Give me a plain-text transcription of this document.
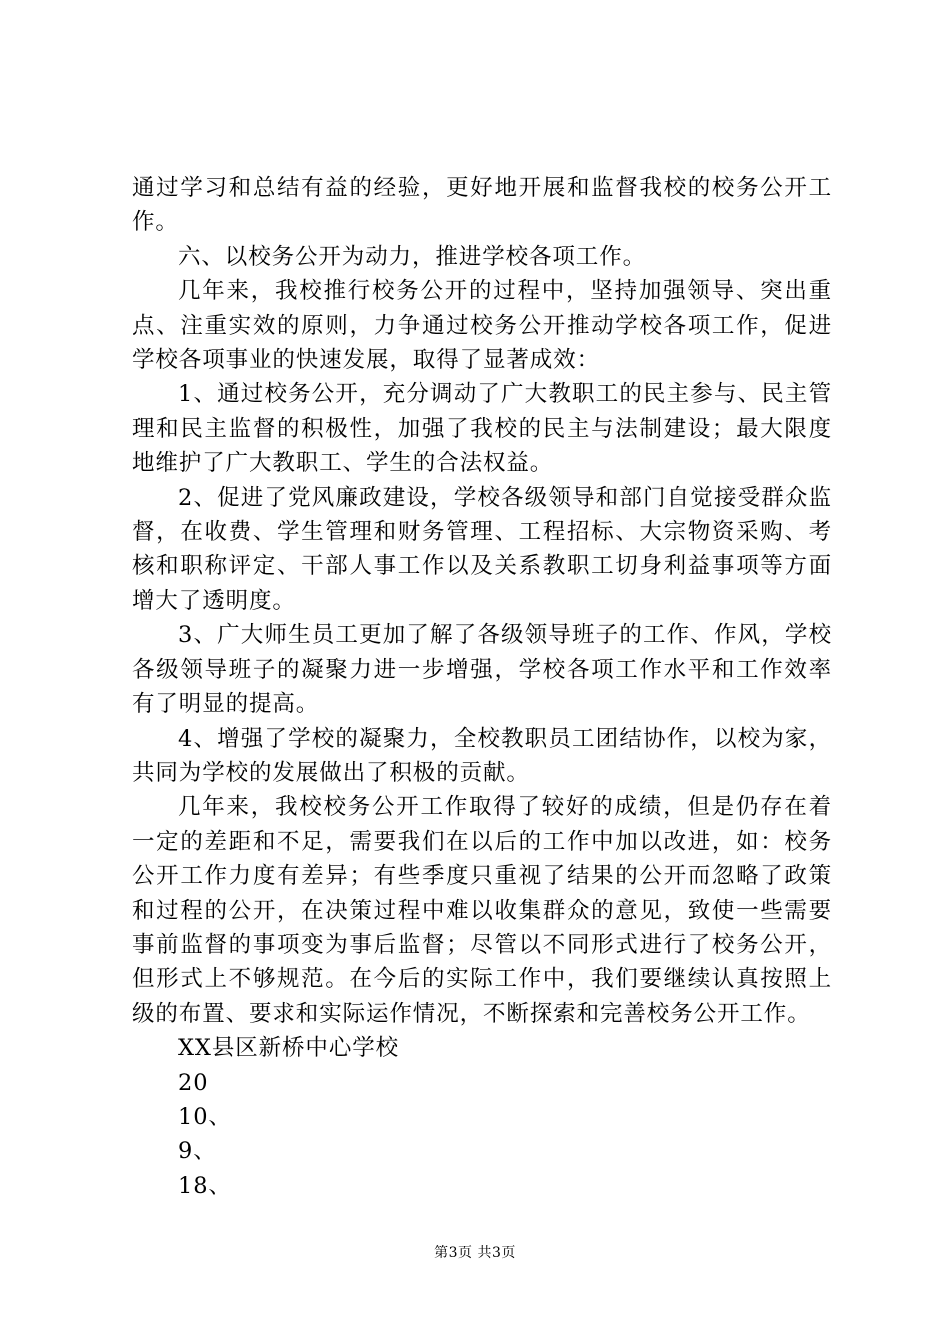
通过学习和总结有益的经验，更好地开展和监督我校的校务公开工作。

六、以校务公开为动力，推进学校各项工作。

几年来，我校推行校务公开的过程中，坚持加强领导、突出重点、注重实效的原则，力争通过校务公开推动学校各项工作，促进学校各项事业的快速发展，取得了显著成效：

1、通过校务公开，充分调动了广大教职工的民主参与、民主管理和民主监督的积极性，加强了我校的民主与法制建设；最大限度地维护了广大教职工、学生的合法权益。

2、促进了党风廉政建设，学校各级领导和部门自觉接受群众监督，在收费、学生管理和财务管理、工程招标、大宗物资采购、考核和职称评定、干部人事工作以及关系教职工切身利益事项等方面增大了透明度。

3、广大师生员工更加了解了各级领导班子的工作、作风，学校各级领导班子的凝聚力进一步增强，学校各项工作水平和工作效率有了明显的提高。

4、增强了学校的凝聚力，全校教职员工团结协作，以校为家，共同为学校的发展做出了积极的贡献。

几年来，我校校务公开工作取得了较好的成绩，但是仍存在着一定的差距和不足，需要我们在以后的工作中加以改进，如：校务公开工作力度有差异；有些季度只重视了结果的公开而忽略了政策和过程的公开，在决策过程中难以收集群众的意见，致使一些需要事前监督的事项变为事后监督；尽管以不同形式进行了校务公开，但形式上不够规范。在今后的实际工作中，我们要继续认真按照上级的布置、要求和实际运作情况，不断探索和完善校务公开工作。

XX县区新桥中心学校

20

10、

9、

18、

第3页 共3页
